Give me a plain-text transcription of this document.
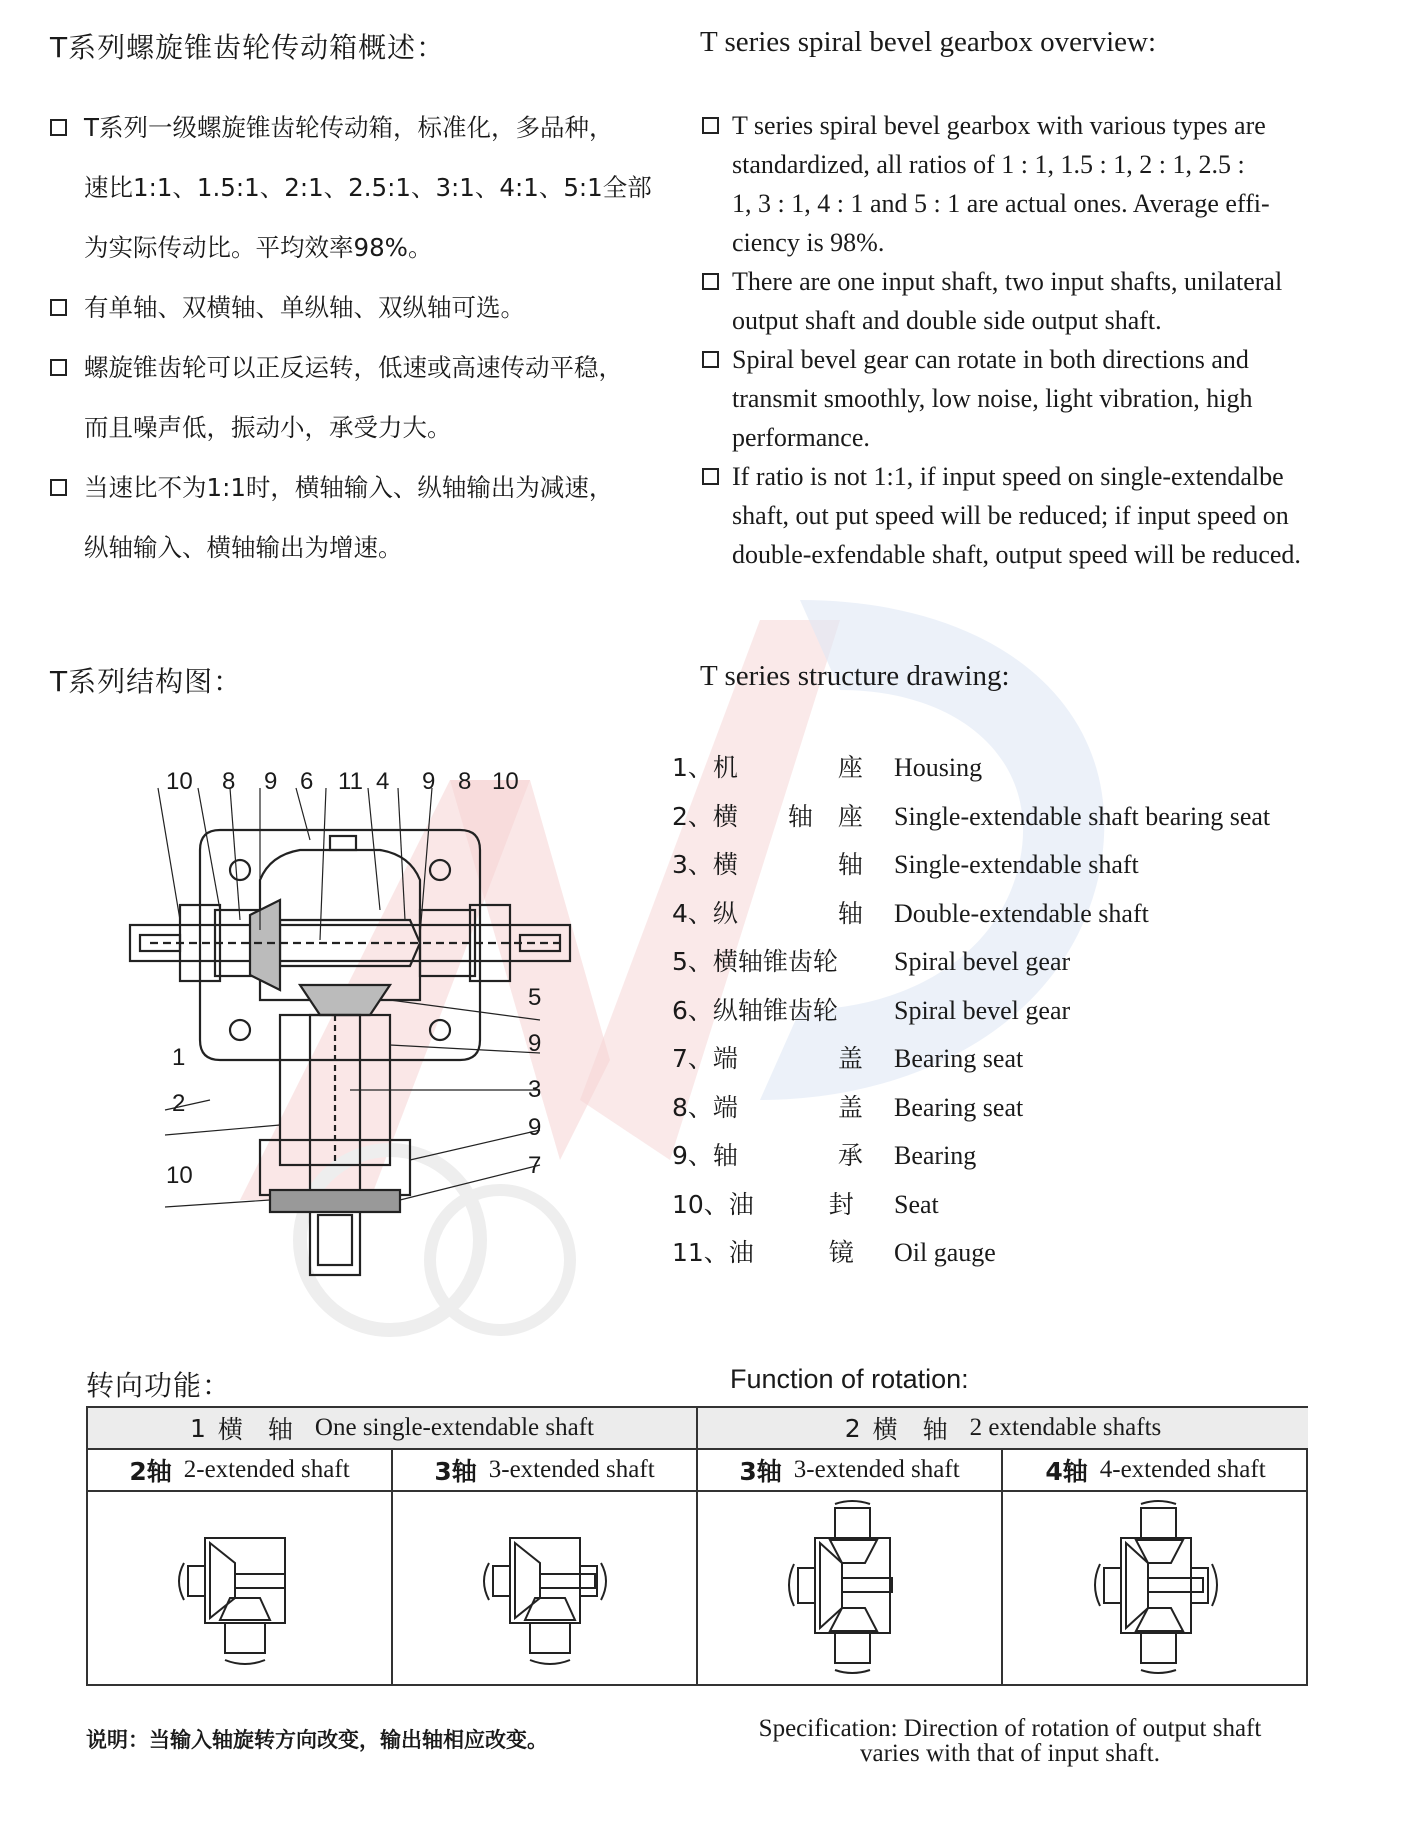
T系列螺旋锥齿轮传动箱概述：	T series spiral bevel gearbox overview:
T系列一级螺旋锥齿轮传动箱，标准化，多品种，
速比1:1、1.5:1、2:1、2.5:1、3:1、4:1、5:1全部
为实际传动比。平均效率98%。
有单轴、双横轴、单纵轴、双纵轴可选。
螺旋锥齿轮可以正反运转，低速或高速传动平稳，
而且噪声低，振动小，承受力大。
当速比不为1:1时，横轴输入、纵轴输出为减速，
纵轴输入、横轴输出为增速。
T series spiral bevel gearbox with various types are
standardized, all ratios of 1 : 1, 1.5 : 1, 2 : 1, 2.5 :
1, 3 : 1, 4 : 1 and 5 : 1 are actual ones. Average effi-
ciency is 98%.
There are one input shaft, two input shafts, unilateral
output shaft and double side output shaft.
Spiral bevel gear can rotate in both directions and
transmit smoothly, low noise, light vibration, high
performance.
If ratio is not 1:1, if input speed on single-extendalbe
shaft, out put speed will be reduced; if input speed on
double-exfendable shaft, output speed will be reduced.
T系列结构图：	T series structure drawing:
10 8 9 6 11 4 9 8 10
1
2
10
5
9
3
9
7
1、机　　　　座 Housing
2、横　　轴　座 Single-extendable shaft bearing seat
3、横　　　　轴 Single-extendable shaft
4、纵　　　　轴 Double-extendable shaft
5、横轴锥齿轮 Spiral bevel gear
6、纵轴锥齿轮 Spiral bevel gear
7、端　　　　盖 Bearing seat
8、端　　　　盖 Bearing seat
9、轴　　　　承 Bearing
10、油　　　封 Seat
11、油　　　镜 Oil gauge
转向功能：	Function of rotation:
1 横　轴 One single-extendable shaft	2 横　轴 2 extendable shafts
2轴 2-extended shaft	3轴 3-extended shaft	3轴 3-extended shaft	4轴 4-extended shaft
说明：当输入轴旋转方向改变，输出轴相应改变。	Specification: Direction of rotation of output shaft
varies with that of input shaft.
